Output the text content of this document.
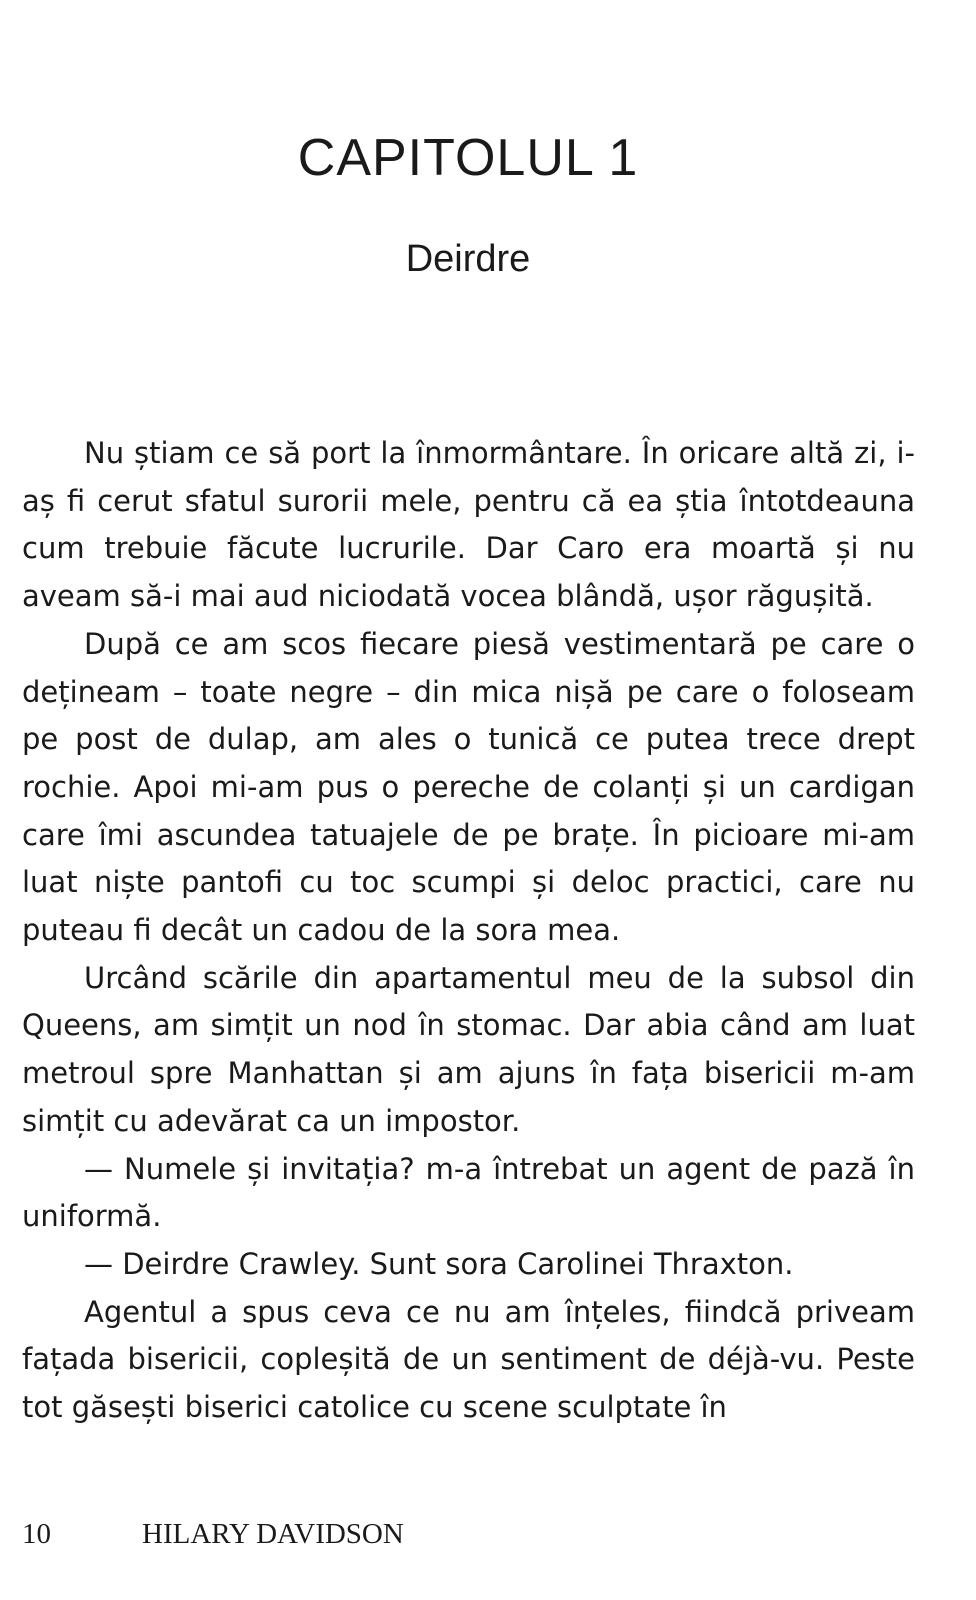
CAPITOLUL 1
Deirdre

Nu știam ce să port la înmormântare. În oricare altă zi, i-aș fi cerut sfatul surorii mele, pentru că ea știa întotdeauna cum trebuie făcute lucrurile. Dar Caro era moartă și nu aveam să-i mai aud niciodată vocea blândă, ușor răgușită.

După ce am scos fiecare piesă vestimentară pe care o dețineam – toate negre – din mica nișă pe care o foloseam pe post de dulap, am ales o tunică ce putea trece drept rochie. Apoi mi-am pus o pereche de colanți și un cardigan care îmi ascundea tatuajele de pe brațe. În picioare mi-am luat niște pantofi cu toc scumpi și deloc practici, care nu puteau fi decât un cadou de la sora mea.

Urcând scările din apartamentul meu de la subsol din Queens, am simțit un nod în stomac. Dar abia când am luat metroul spre Manhattan și am ajuns în fața bisericii m-am simțit cu adevărat ca un impostor.

— Numele și invitația? m-a întrebat un agent de pază în uniformă.

— Deirdre Crawley. Sunt sora Carolinei Thraxton.

Agentul a spus ceva ce nu am înțeles, fiindcă priveam fațada bisericii, copleșită de un sentiment de déjà-vu. Peste tot găsești biserici catolice cu scene sculptate în

10	HILARY DAVIDSON
